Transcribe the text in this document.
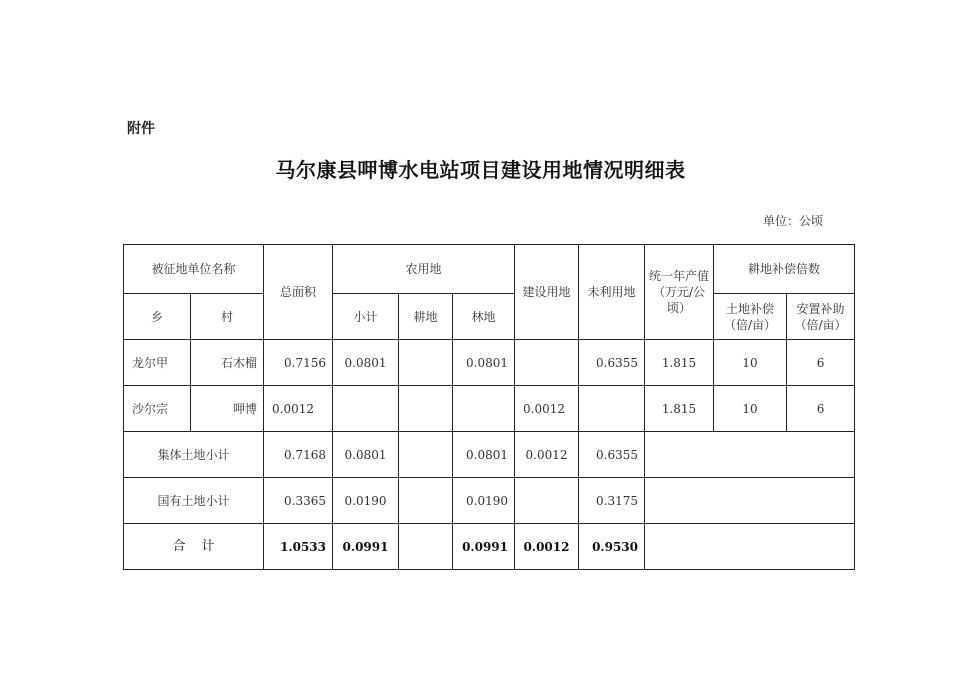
附件
马尔康县呷博水电站项目建设用地情况明细表
单位：公顷
被征地单位名称		总面积	农用地			建设用地	未利用地	统一年产值（万元/公顷）	耕地补偿倍数	
乡	村		小计	耕地	林地				土地补偿（倍/亩）	安置补助（倍/亩）
龙尔甲	石木榴	0.7156	0.0801		0.0801		0.6355	1.815	10	6
沙尔宗	呷博	0.0012				0.0012		1.815	10	6
集体土地小计		0.7168	0.0801		0.0801	0.0012	0.6355			
国有土地小计		0.3365	0.0190		0.0190		0.3175			
合计		1.0533	0.0991		0.0991	0.0012	0.9530			
